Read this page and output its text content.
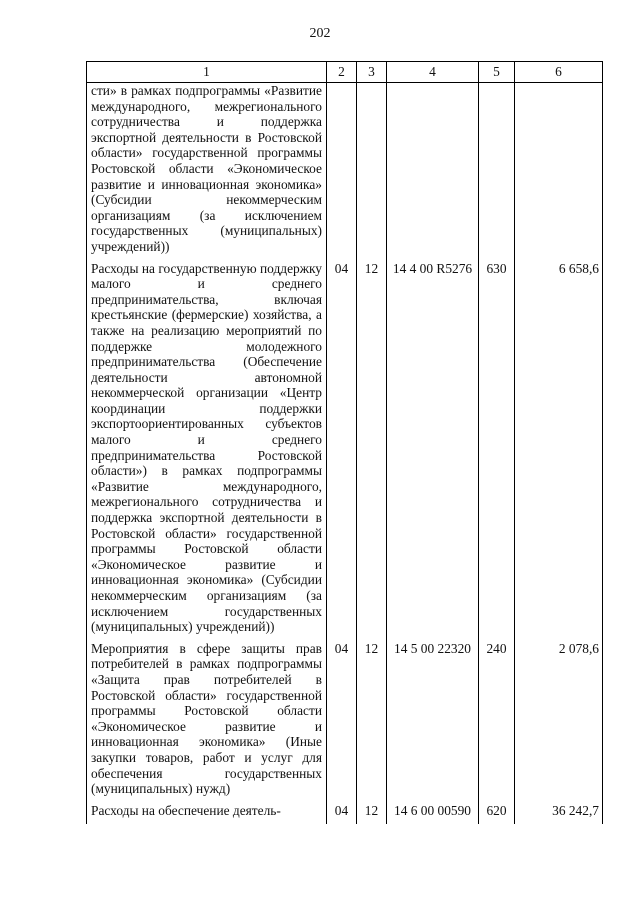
202
1	2	3	4	5	6
сти» в рамках подпрограммы «Развитие международного, межрегионального сотрудничества и поддержка экспортной деятельности в Ростовской области» государственной программы Ростовской области «Экономическое развитие и инновационная экономика» (Субсидии некоммерческим организациям (за исключением государственных (муниципальных) учреждений))					
Расходы на государственную поддержку малого и среднего предпринимательства, включая крестьянские (фермерские) хозяйства, а также на реализацию мероприятий по поддержке молодежного предпринимательства (Обеспечение деятельности автономной некоммерческой организации «Центр координации поддержки экспортоориентированных субъектов малого и среднего предпринимательства Ростовской области») в рамках подпрограммы «Развитие международного, межрегионального сотрудничества и поддержка экспортной деятельности в Ростовской области» государственной программы Ростовской области «Экономическое развитие и инновационная экономика» (Субсидии некоммерческим организациям (за исключением государственных (муниципальных) учреждений))	04	12	14 4 00 R5276	630	6 658,6
Мероприятия в сфере защиты прав потребителей в рамках подпрограммы «Защита прав потребителей в Ростовской области» государственной программы Ростовской области «Экономическое развитие и инновационная экономика» (Иные закупки товаров, работ и услуг для обеспечения государственных (муниципальных) нужд)	04	12	14 5 00 22320	240	2 078,6
Расходы на обеспечение деятель-	04	12	14 6 00 00590	620	36 242,7
